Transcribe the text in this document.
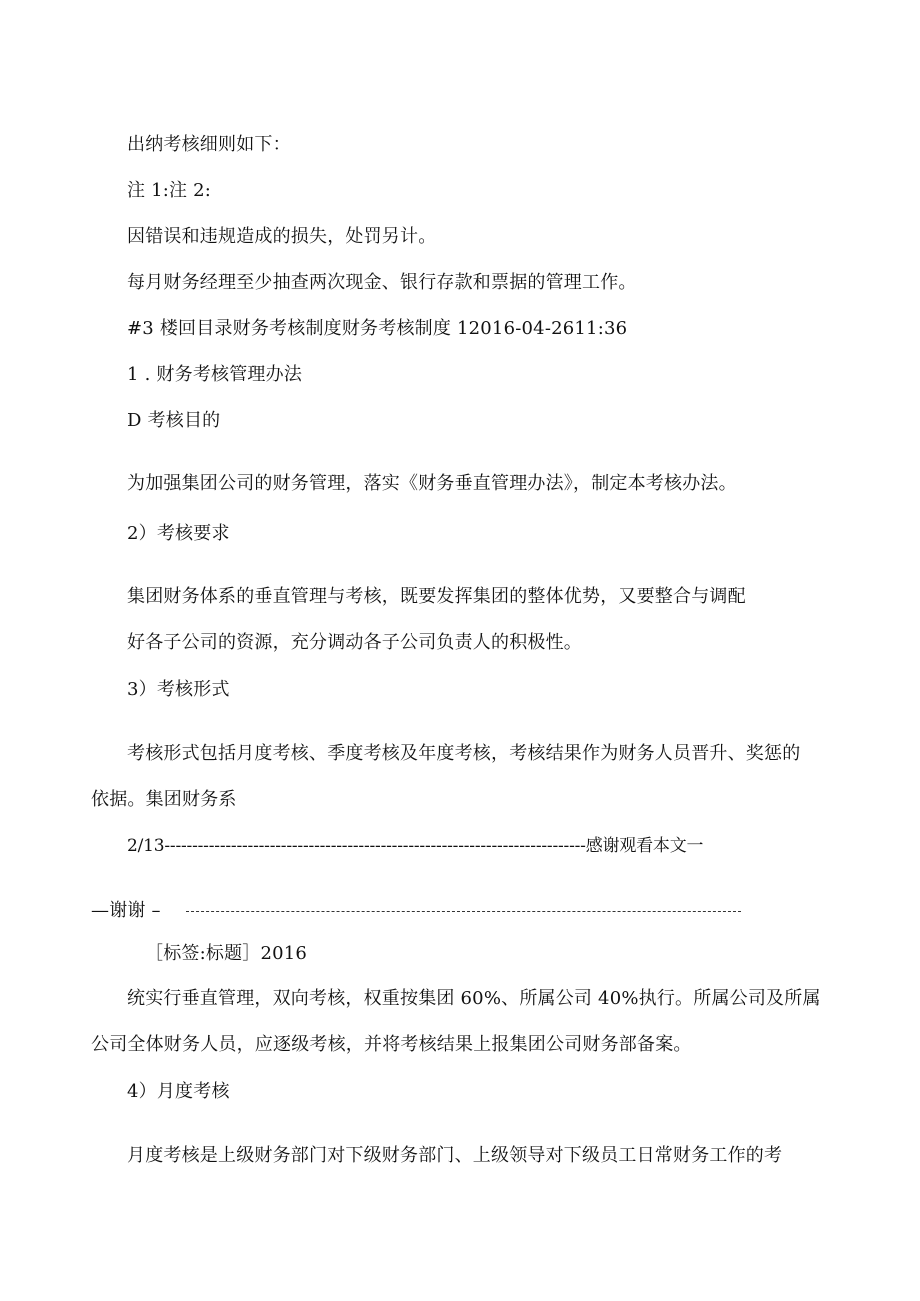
出纳考核细则如下：
注 1:注 2:
因错误和违规造成的损失，处罚另计。
每月财务经理至少抽查两次现金、银行存款和票据的管理工作。
#3 楼回目录财务考核制度财务考核制度 12016-04-2611:36
1 . 财务考核管理办法
D 考核目的
为加强集团公司的财务管理，落实《财务垂直管理办法》，制定本考核办法。
2）考核要求
集团财务体系的垂直管理与考核，既要发挥集团的整体优势，又要整合与调配
好各子公司的资源，充分调动各子公司负责人的积极性。
3）考核形式
考核形式包括月度考核、季度考核及年度考核，考核结果作为财务人员晋升、奖惩的
依据。集团财务系
2/13----------------------------------------------------------------------------感谢观看本文一
—谢谢 –
［标签:标题］2016
统实行垂直管理，双向考核，权重按集团 60%、所属公司 40%执行。所属公司及所属
公司全体财务人员，应逐级考核，并将考核结果上报集团公司财务部备案。
4）月度考核
月度考核是上级财务部门对下级财务部门、上级领导对下级员工日常财务工作的考
